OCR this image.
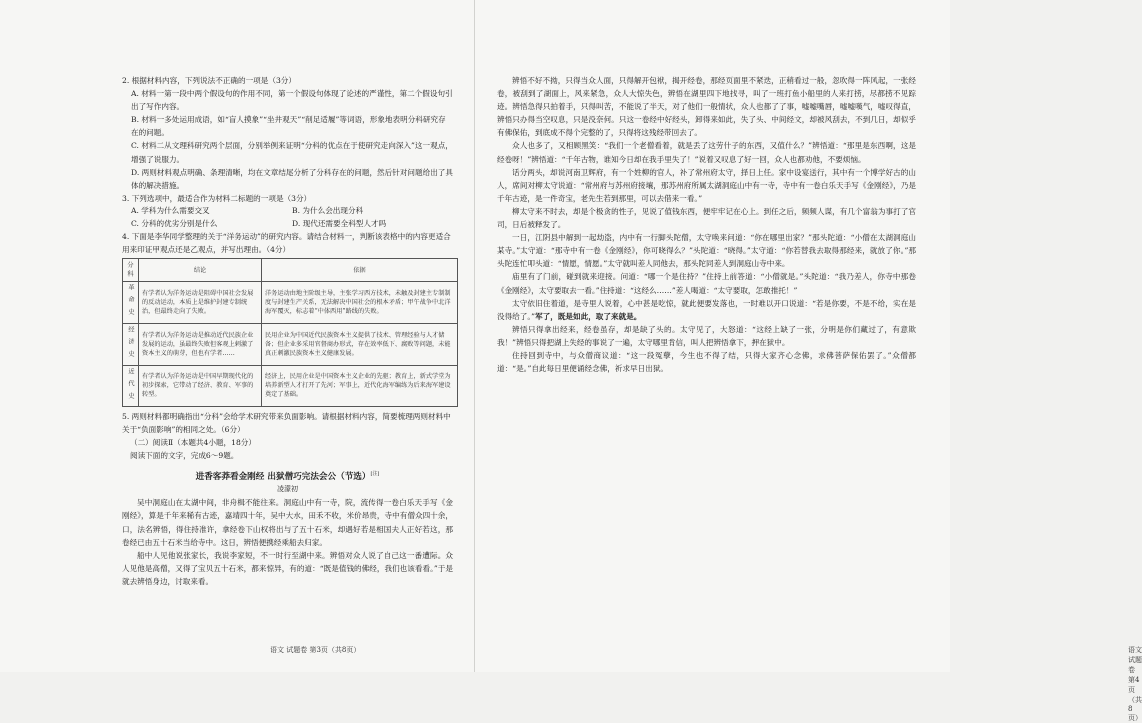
2. 根据材料内容，下列说法不正确的一项是（3分）

A. 材料一第一段中两个假设句的作用不同，第一个假设句体现了论述的严谨性，第二个假设句引出了写作内容。

B. 材料一多处运用成语，如“盲人摸象”“坐井观天”“削足适履”等词语，形象地表明分科研究存在的问题。

C. 材料二从文理科研究两个层面，分别举例来证明“分科的优点在于使研究走向深入”这一观点，增强了说服力。

D. 两则材料观点明确、条理清晰，均在文章结尾分析了分科存在的问题，然后针对问题给出了具体的解决措施。

3. 下列选项中，最适合作为材料二标题的一项是（3分）

A. 学科为什么需要交叉	B. 为什么会出现分科
C. 分科的优劣分别是什么	D. 现代还需要全科型人才吗

4. 下面是李华同学整理的关于“洋务运动”的研究内容。请结合材料一，判断该表格中的内容更适合用来印证甲观点还是乙观点，并写出理由。（4分）

分科	结论	依据
革命史	有学者认为洋务运动是阻碍中国社会发展的反动运动，本质上是维护封建专制统治，但最终走向了失败。	洋务运动由地主阶级主导，主张学习西方技术，未触及封建主专制制度与封建生产关系，无法解决中国社会的根本矛盾；甲午战争中北洋海军覆灭，标志着“中体西用”路线的失败。
经济史	有学者认为洋务运动是推动近代民族企业发展的运动，虽最终失败但客观上刺激了资本主义的萌芽，但也有学者……	民用企业为中国近代民族资本主义提供了技术、管理经验与人才储备；但企业多采用官督商办形式，存在效率低下、腐败等问题，未能真正刺激民族资本主义健康发展。
近代史	有学者认为洋务运动是中国早期现代化的初步探索，它带动了经济、教育、军事的转型。	经济上，民用企业是中国资本主义企业的先驱；教育上，新式学堂为培养新型人才打开了先河；军事上，近代化海军编练为后来海军建设奠定了基础。

5. 两则材料都明确指出“分科”会给学术研究带来负面影响。请根据材料内容，简要梳理两则材料中关于“负面影响”的相同之处。（6分）

（二）阅读Ⅱ（本题共4小题，18分）

阅读下面的文字，完成6～9题。

进香客莽看金刚经 出狱僧巧完法会公（节选）[注]

凌濛初

吴中洞庭山在太湖中间，非舟楫不能往来。洞庭山中有一寺，院，流传得一卷白乐天手写《金刚经》，算是千年来稀有古迹，嘉靖四十年，吴中大水，田禾不收，米价昂贵，寺中有僧众四十余，口，法名辨悟，得住持准许，拿经卷下山权将出与了五十石米，却遇好若是相国夫人正好若这，那卷经已由五十石米当给寺中。这日，辨悟便携经乘船去归家。

船中人见他说张家长，我说李家短，不一时行至湖中来。辨悟对众人说了自己这一番遭际。众人见他是高僧，又得了宝贝五十石米，都来惊异，有的道：“既是值钱的佛经，我们也该看看。”于是就去辨悟身边，讨取来看。

语文 试题卷 第3页（共8页）

辨悟不好不拗，只得当众人面，只得解开包袱，揭开经卷，那经页面里不紧迭，正稍看过一般，忽吹得一阵风起，一张经卷，被刮到了湖面上，风来紧急，众人大惊失色，辨悟在湖里四下地找寻，叫了一班打鱼小船里的人来打捞，尽都捞不见踪迹。辨悟急得只拍着手，只得叫苦，不能说了半天，对了他们一般情状，众人也都了了事，嘘嘘嘴唇，嘘嘘嘆气，嘘叹得直，辨悟只办得当空叹息，只是没奈何。只这一卷经中好经头，卸得来如此，失了头、中间经文，却被风刮去，不到几日，却似乎有佛保佑，到底成不得个完整的了，只得将这残经带回去了。

众人也多了，又相顾黑笑：“我们一个老僧看着，就是丢了这劳什子的东西，又值什么？”辨悟道：“那里是东西啊，这是经卷呀！”辨悟道：“千年古物，谁知今日却在我手里失了！”说着又叹息了好一回，众人也都劝他，不要烦恼。

话分两头，却说河南卫辉府，有一个姓柳的官人，补了常州府太守，择日上任。家中设宴送行，其中有一个博学好古的山人，席间对柳太守说道：“常州府与苏州府接壤，那苏州府所属太湖洞庭山中有一寺，寺中有一卷白乐天手写《金刚经》，乃是千年古迹，是一件奇宝，老先生若到那里，可以去借来一看。”

柳太守来不时去，却是个极贪的性子，见说了值钱东西，便牢牢记在心上。到任之后，频频人谋，有几个富翁为事打了官司，日后被释发了。

一日，江阴县中解到一起劫盗，内中有一行脚头陀僧，太守唤来问道：“你在哪里出家？”那头陀道：“小僧在太湖洞庭山某寺。”太守道：“那寺中有一卷《金刚经》，你可晓得么？”头陀道：“晓得。”太守道：“你若替我去取得那经来，就放了你。”那头陀连忙叩头道：“情愿，情愿。”太守就叫差人同他去，那头陀同差人到洞庭山寺中来。

庙里有了门前，碰到就来迎接。问道：“哪一个是住持？”住持上前答道：“小僧就是。”头陀道：“我乃差人，你寺中那卷《金刚经》，太守要取去一看。”住持道：“这经么……”差人喝道：“太守要取，怎敢推托！”

太守依旧住着道，是寺里人说着，心中甚是吃惊，就此便要发落也，一时难以开口说道：“若是你要，不是不给，实在是没得给了。”军了，既是如此，取了来就是。

辨悟只得拿出经来，经卷虽存，却是缺了头的。太守见了，大怒道：“这经上缺了一张，分明是你们藏过了，有意欺我！”辨悟只得把湖上失经的事说了一遍，太守哪里肯信，叫人把辨悟拿下，押在狱中。

住持回到寺中，与众僧商议道：“这一段冤孽，今生也不得了结，只得大家齐心念佛，求佛菩萨保佑罢了。”众僧都道：“是。”自此每日里便诵经念佛，祈求早日出狱。

语文 试题卷 第4页（共8页）
